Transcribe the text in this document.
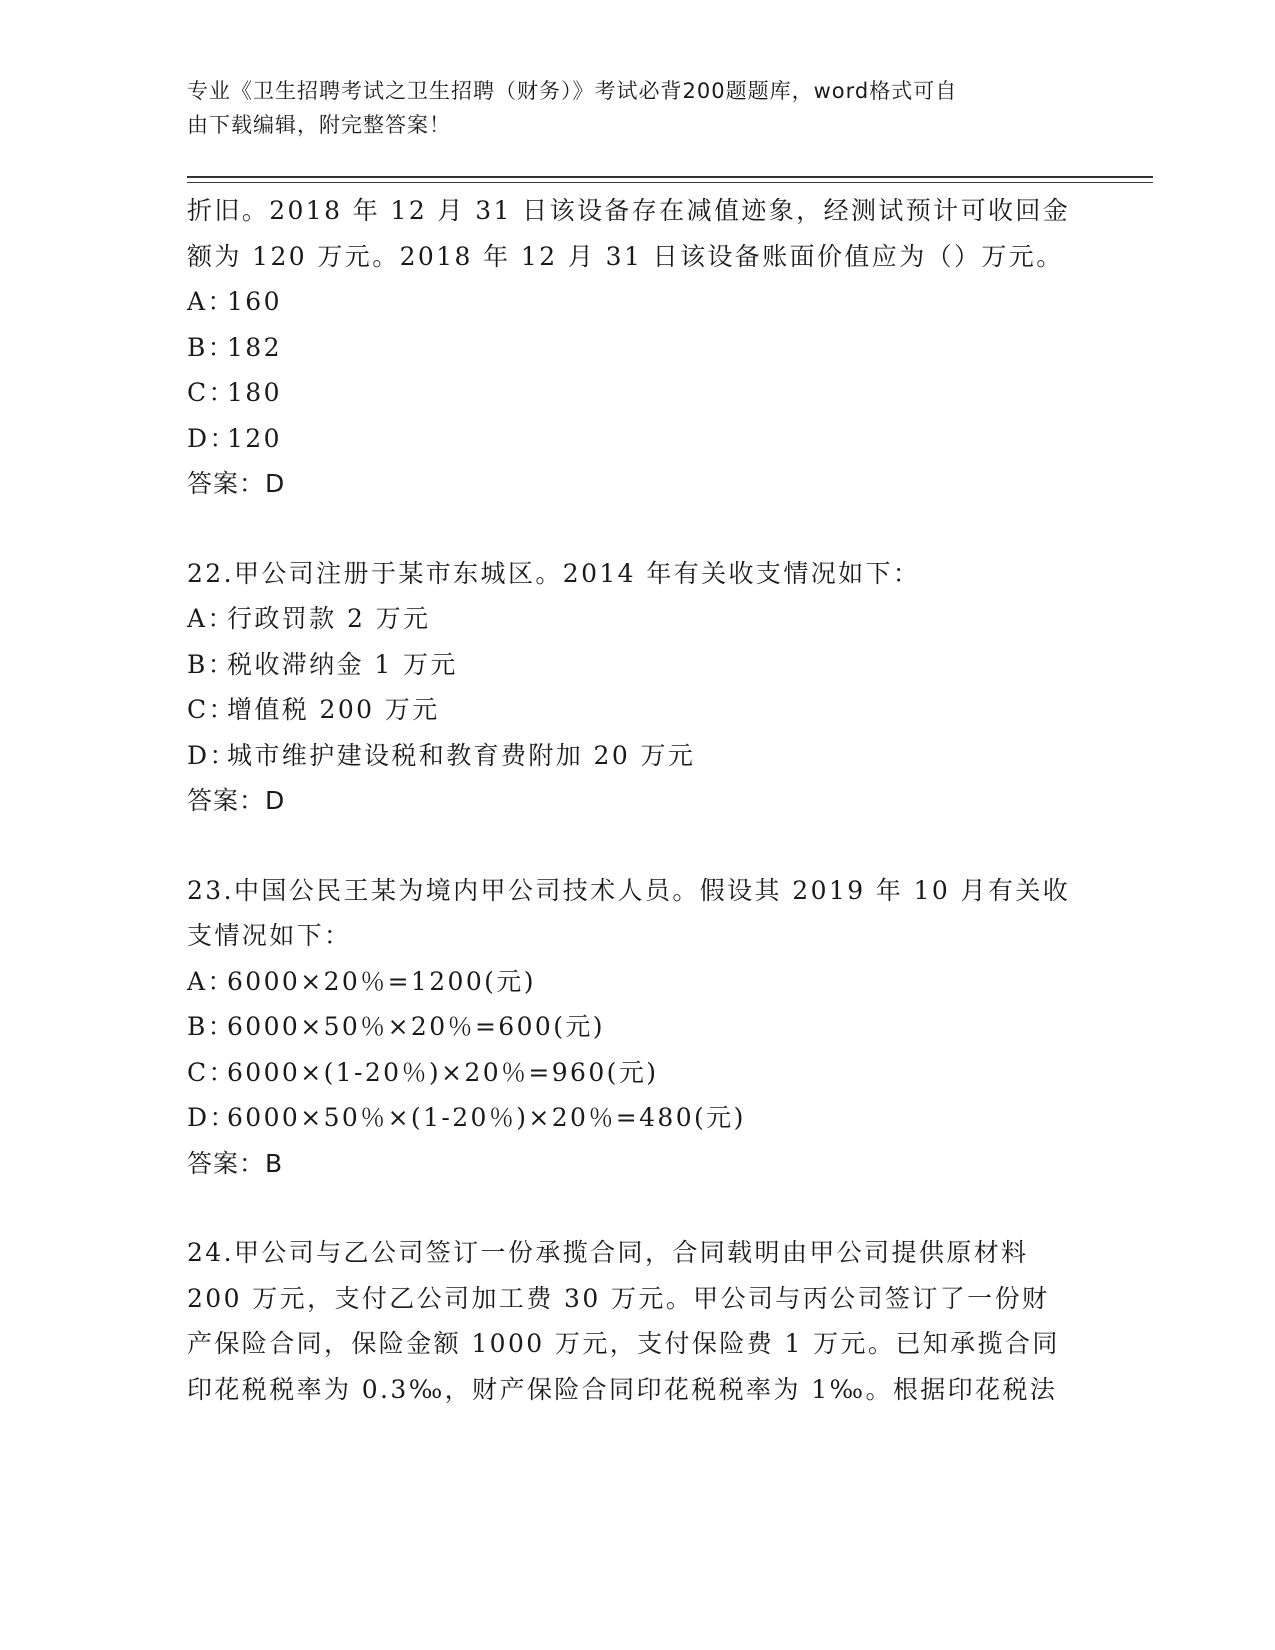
专业《卫生招聘考试之卫生招聘（财务）》考试必背200题题库，word格式可自
由下载编辑，附完整答案！
折旧。2018 年 12 月 31 日该设备存在减值迹象，经测试预计可收回金
额为 120 万元。2018 年 12 月 31 日该设备账面价值应为（）万元。
A：160
B：182
C：180
D：120
答案：D
22.甲公司注册于某市东城区。2014 年有关收支情况如下：
A：行政罚款 2 万元
B：税收滞纳金 1 万元
C：增值税 200 万元
D：城市维护建设税和教育费附加 20 万元
答案：D
23.中国公民王某为境内甲公司技术人员。假设其 2019 年 10 月有关收
支情况如下：
A：6000×20％=1200(元)
B：6000×50％×20％=600(元)
C：6000×(1-20％)×20％=960(元)
D：6000×50％×(1-20％)×20％=480(元)
答案：B
24.甲公司与乙公司签订一份承揽合同，合同载明由甲公司提供原材料
200 万元，支付乙公司加工费 30 万元。甲公司与丙公司签订了一份财
产保险合同，保险金额 1000 万元，支付保险费 1 万元。已知承揽合同
印花税税率为 0.3‰，财产保险合同印花税税率为 1‰。根据印花税法
